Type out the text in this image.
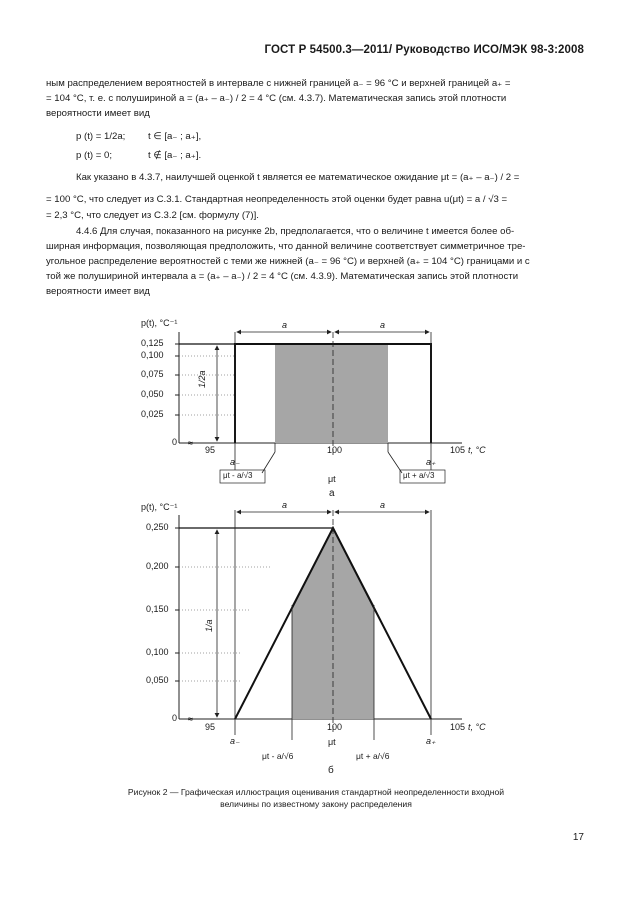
ГОСТ Р 54500.3—2011/ Руководство ИСО/МЭК 98-3:2008
ным распределением вероятностей в интервале с нижней границей a₋ = 96 °С и верхней границей a₊ =
= 104 °С, т. е. с полушириной a = (a₊ – a₋) / 2 = 4 °С (см. 4.3.7). Математическая запись этой плотности
вероятности имеет вид
p (t) = 1/2a; t ∈ [a₋ ; a₊],
p (t) = 0;	t ∉ [a₋ ; a₊].
Как указано в 4.3.7, наилучшей оценкой t является ее математическое ожидание μt = (a₊ – a₋) / 2 =
= 100 °С, что следует из С.3.1. Стандартная неопределенность этой оценки будет равна u(μt) = a / √3 =
= 2,3 °С, что следует из С.3.2 [см. формулу (7)].
4.4.6 Для случая, показанного на рисунке 2b, предполагается, что о величине t имеется более об-
ширная информация, позволяющая предположить, что данной величине соответствует симметричное тре-
угольное распределение вероятностей с теми же нижней (a₋ = 96 °С) и верхней (a₊ = 104 °С) границами и с
той же полушириной интервала a = (a₊ – a₋) / 2 = 4 °С (см. 4.3.9). Математическая запись этой плотности
вероятности имеет вид
≈
p(t), °С⁻¹
0,125
0,100
0,075
0,050
0,025
0
95	100	105 t, °С
a	a
1/2a
a₋	a₊
μt
μt - a/√3	μt + a/√3
а
≈
p(t), °С⁻¹
0,250
0,200
0,150
0,100
0,050
0
95	100	105 t, °С
a	a
1/a
a₋	a₊
μt
μt - a/√6	μt + a/√6
б
Рисунок 2 — Графическая иллюстрация оценивания стандартной неопределенности входной величины по известному закону распределения
17
